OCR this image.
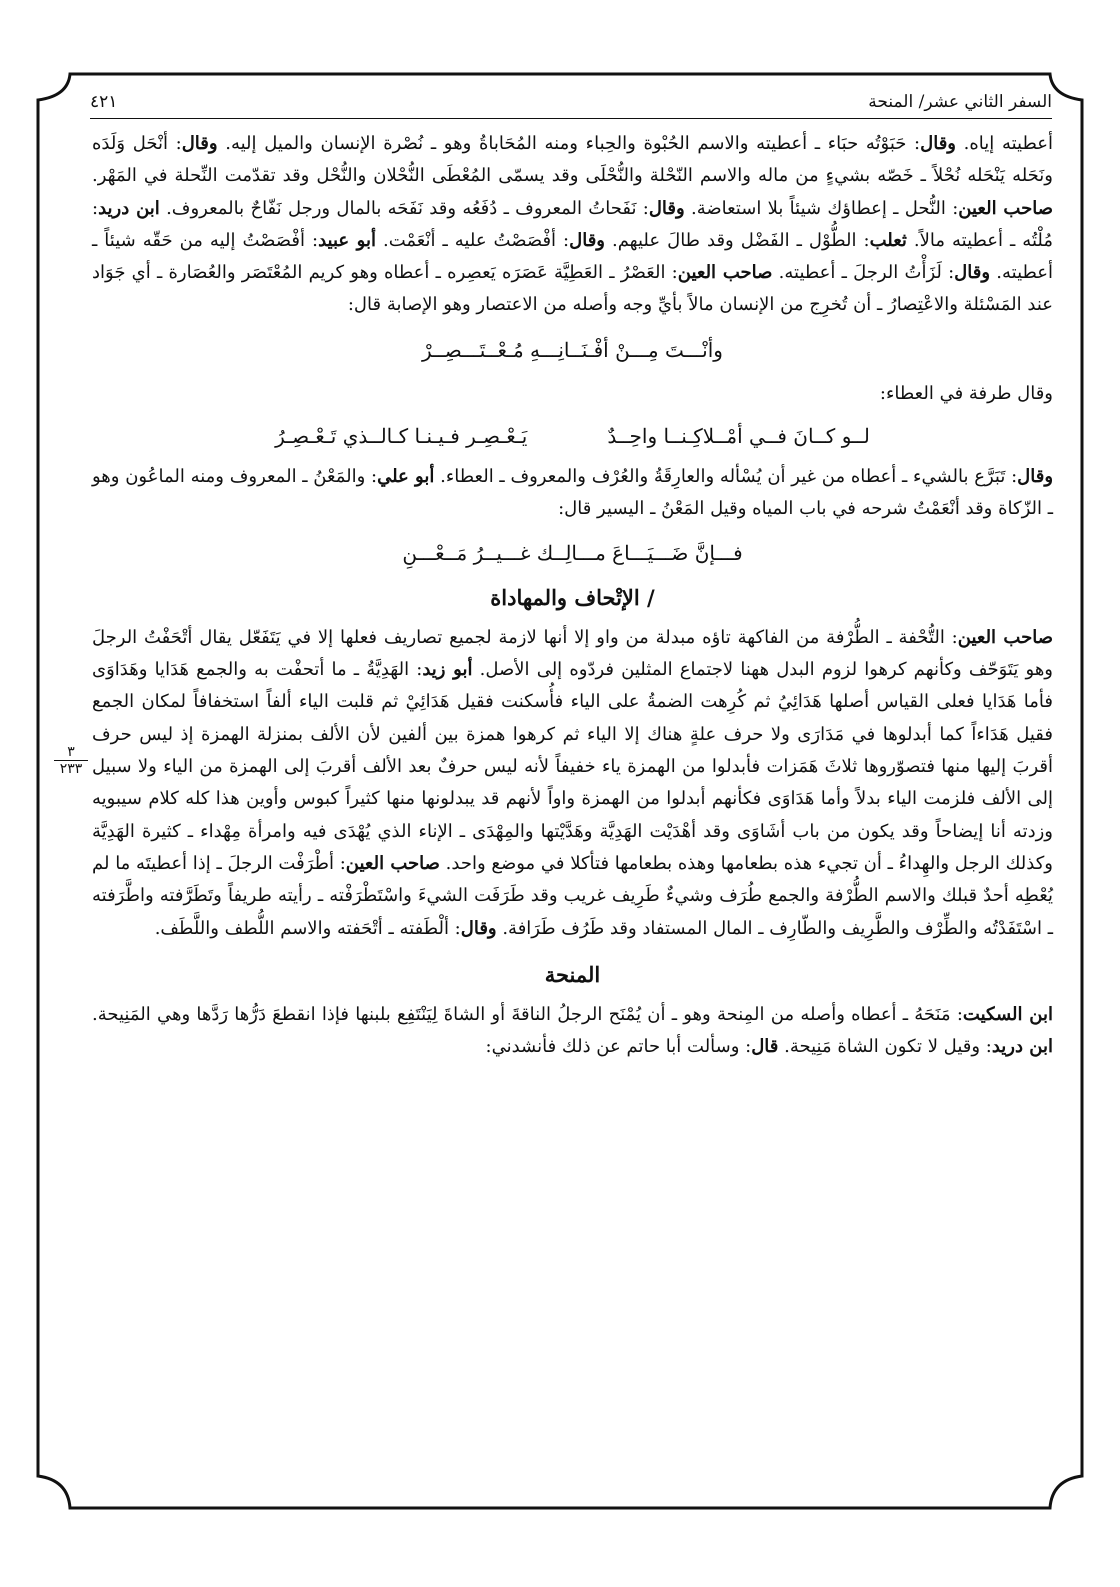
السفر الثاني عشر/ المنحة
٤٢١
٣
٢٣٣

أعطيته إياه. وقال: حَبَوْتُه حبَاء ـ أعطيته والاسم الحُبْوة والحِباء ومنه المُحَاباةُ وهو ـ نُصْرة الإنسان والميل إليه. وقال: أنْحَل وَلَدَه ونَحَله يَنْحَله نُحْلاً ـ خَصّه بشيءٍ من ماله والاسم النّحْلة والنُّحْلَى وقد يسمّى المُعْطَى النُّحْلان والنُّحْل وقد تقدّمت النِّحلة في المَهْر. صاحب العين: النُّحل ـ إعطاؤك شيئاً بلا استعاضة. وقال: نَفَحاتُ المعروف ـ دُفَعُه وقد نَفَحَه بالمال ورجل نَفّاحٌ بالمعروف. ابن دريد: مُلْتُه ـ أعطيته مالاً. ثعلب: الطُّوْل ـ الفَضْل وقد طالَ عليهم. وقال: أفْصَصْتُ عليه ـ أنْعَمْت. أبو عبيد: أفْصَصْتُ إليه من حَقّه شيئاً ـ أعطيته. وقال: لَزَأْتُ الرجلَ ـ أعطيته. صاحب العين: العَصْرُ ـ العَطِيَّة عَصَرَه يَعصِره ـ أعطاه وهو كريم المُعْتَصَر والعُصَارة ـ أي جَوَاد عند المَسْئلة والاعْتِصارُ ـ أن تُخرِج من الإنسان مالاً بأيِّ وجه وأصله من الاعتصار وهو الإصابة قال:

وأنْـــتَ مِـــنْ أفْـنَــانِـــهِ مُـعْــتَـــصِــرْ

وقال طرفة في العطاء:

لــو كــانَ فــي أمْــلاكِـنــا واحِــدٌ
يَـعْـصِـر فـيـنـا كـالــذي تَـعْـصِـرُ

وقال: تَبَرَّع بالشيء ـ أعطاه من غير أن يُسْأله والعارِقَةُ والعُرْف والمعروف ـ العطاء. أبو علي: والمَعْنُ ـ المعروف ومنه الماعُون وهو ـ الزّكاة وقد أنْعَمْتُ شرحه في باب المياه وقيل المَعْنُ ـ اليسير قال:

فـــإنَّ ضَـــيَـــاعَ مـــالِــك غـــيــرُ مَــعْـــنِ

/ الإتْحاف والمهاداة

صاحب العين: التُّحْفة ـ الطُّرْفة من الفاكهة تاؤه مبدلة من واو إلا أنها لازمة لجميع تصاريف فعلها إلا في يَتَفَعّل يقال أتْحَفْتُ الرجلَ وهو يَتَوَحّف وكأنهم كرهوا لزوم البدل ههنا لاجتماع المثلين فردّوه إلى الأصل. أبو زيد: الهَدِيَّةُ ـ ما أتحفْت به والجمع هَدَايا وهَدَاوَى فأما هَدَايا فعلى القياس أصلها هَدَائِيُ ثم كُرِهت الضمةُ على الياء فأُسكنت فقيل هَدَائِيْ ثم قلبت الياء ألفاً استخفافاً لمكان الجمع فقيل هَدَاءاً كما أبدلوها في مَدَارَى ولا حرف علةٍ هناك إلا الياء ثم كرهوا همزة بين ألفين لأن الألف بمنزلة الهمزة إذ ليس حرف أقربَ إليها منها فتصوّروها ثلاثَ هَمَزات فأبدلوا من الهمزة ياء خفيفاً لأنه ليس حرفٌ بعد الألف أقربَ إلى الهمزة من الياء ولا سبيل إلى الألف فلزمت الياء بدلاً وأما هَدَاوَى فكأنهم أبدلوا من الهمزة واواً لأنهم قد يبدلونها منها كثيراً كبوس وأوين هذا كله كلام سيبويه وزدته أنا إيضاحاً وقد يكون من باب أشَاوَى وقد أهْدَيْت الهَدِيَّة وهَدَّيْتها والمِهْدَى ـ الإناء الذي يُهْدَى فيه وامرأة مِهْداء ـ كثيرة الهَدِيَّة وكذلك الرجل والهِداءُ ـ أن تجيء هذه بطعامها وهذه بطعامها فتأكلا في موضع واحد. صاحب العين: أطْرَفْت الرجلَ ـ إذا أعطيتَه ما لم يُعْطِه أحدٌ قبلك والاسم الطُّرْفة والجمع طُرَف وشيءٌ طَرِيف غريب وقد طَرَفَت الشيءَ واسْتَطْرَفْته ـ رأيته طريفاً وتَطَرَّفته واطَّرَفته ـ اسْتَفَدْتُه والطِّرْف والطَّرِيف والطّارِف ـ المال المستفاد وقد طَرُف طَرَافة. وقال: ألْطَفته ـ أتْحَفته والاسم اللُّطف واللَّطَف.

المنحة

ابن السكيت: مَنَحَهُ ـ أعطاه وأصله من المِنحة وهو ـ أن يُمْنَح الرجلُ الناقةَ أو الشاةَ لِيَنْتَفِع بلبنها فإذا انقطعَ دَرُّها رَدَّها وهي المَنِيحة. ابن دريد: وقيل لا تكون الشاة مَنِيحة. قال: وسألت أبا حاتم عن ذلك فأنشدني:
